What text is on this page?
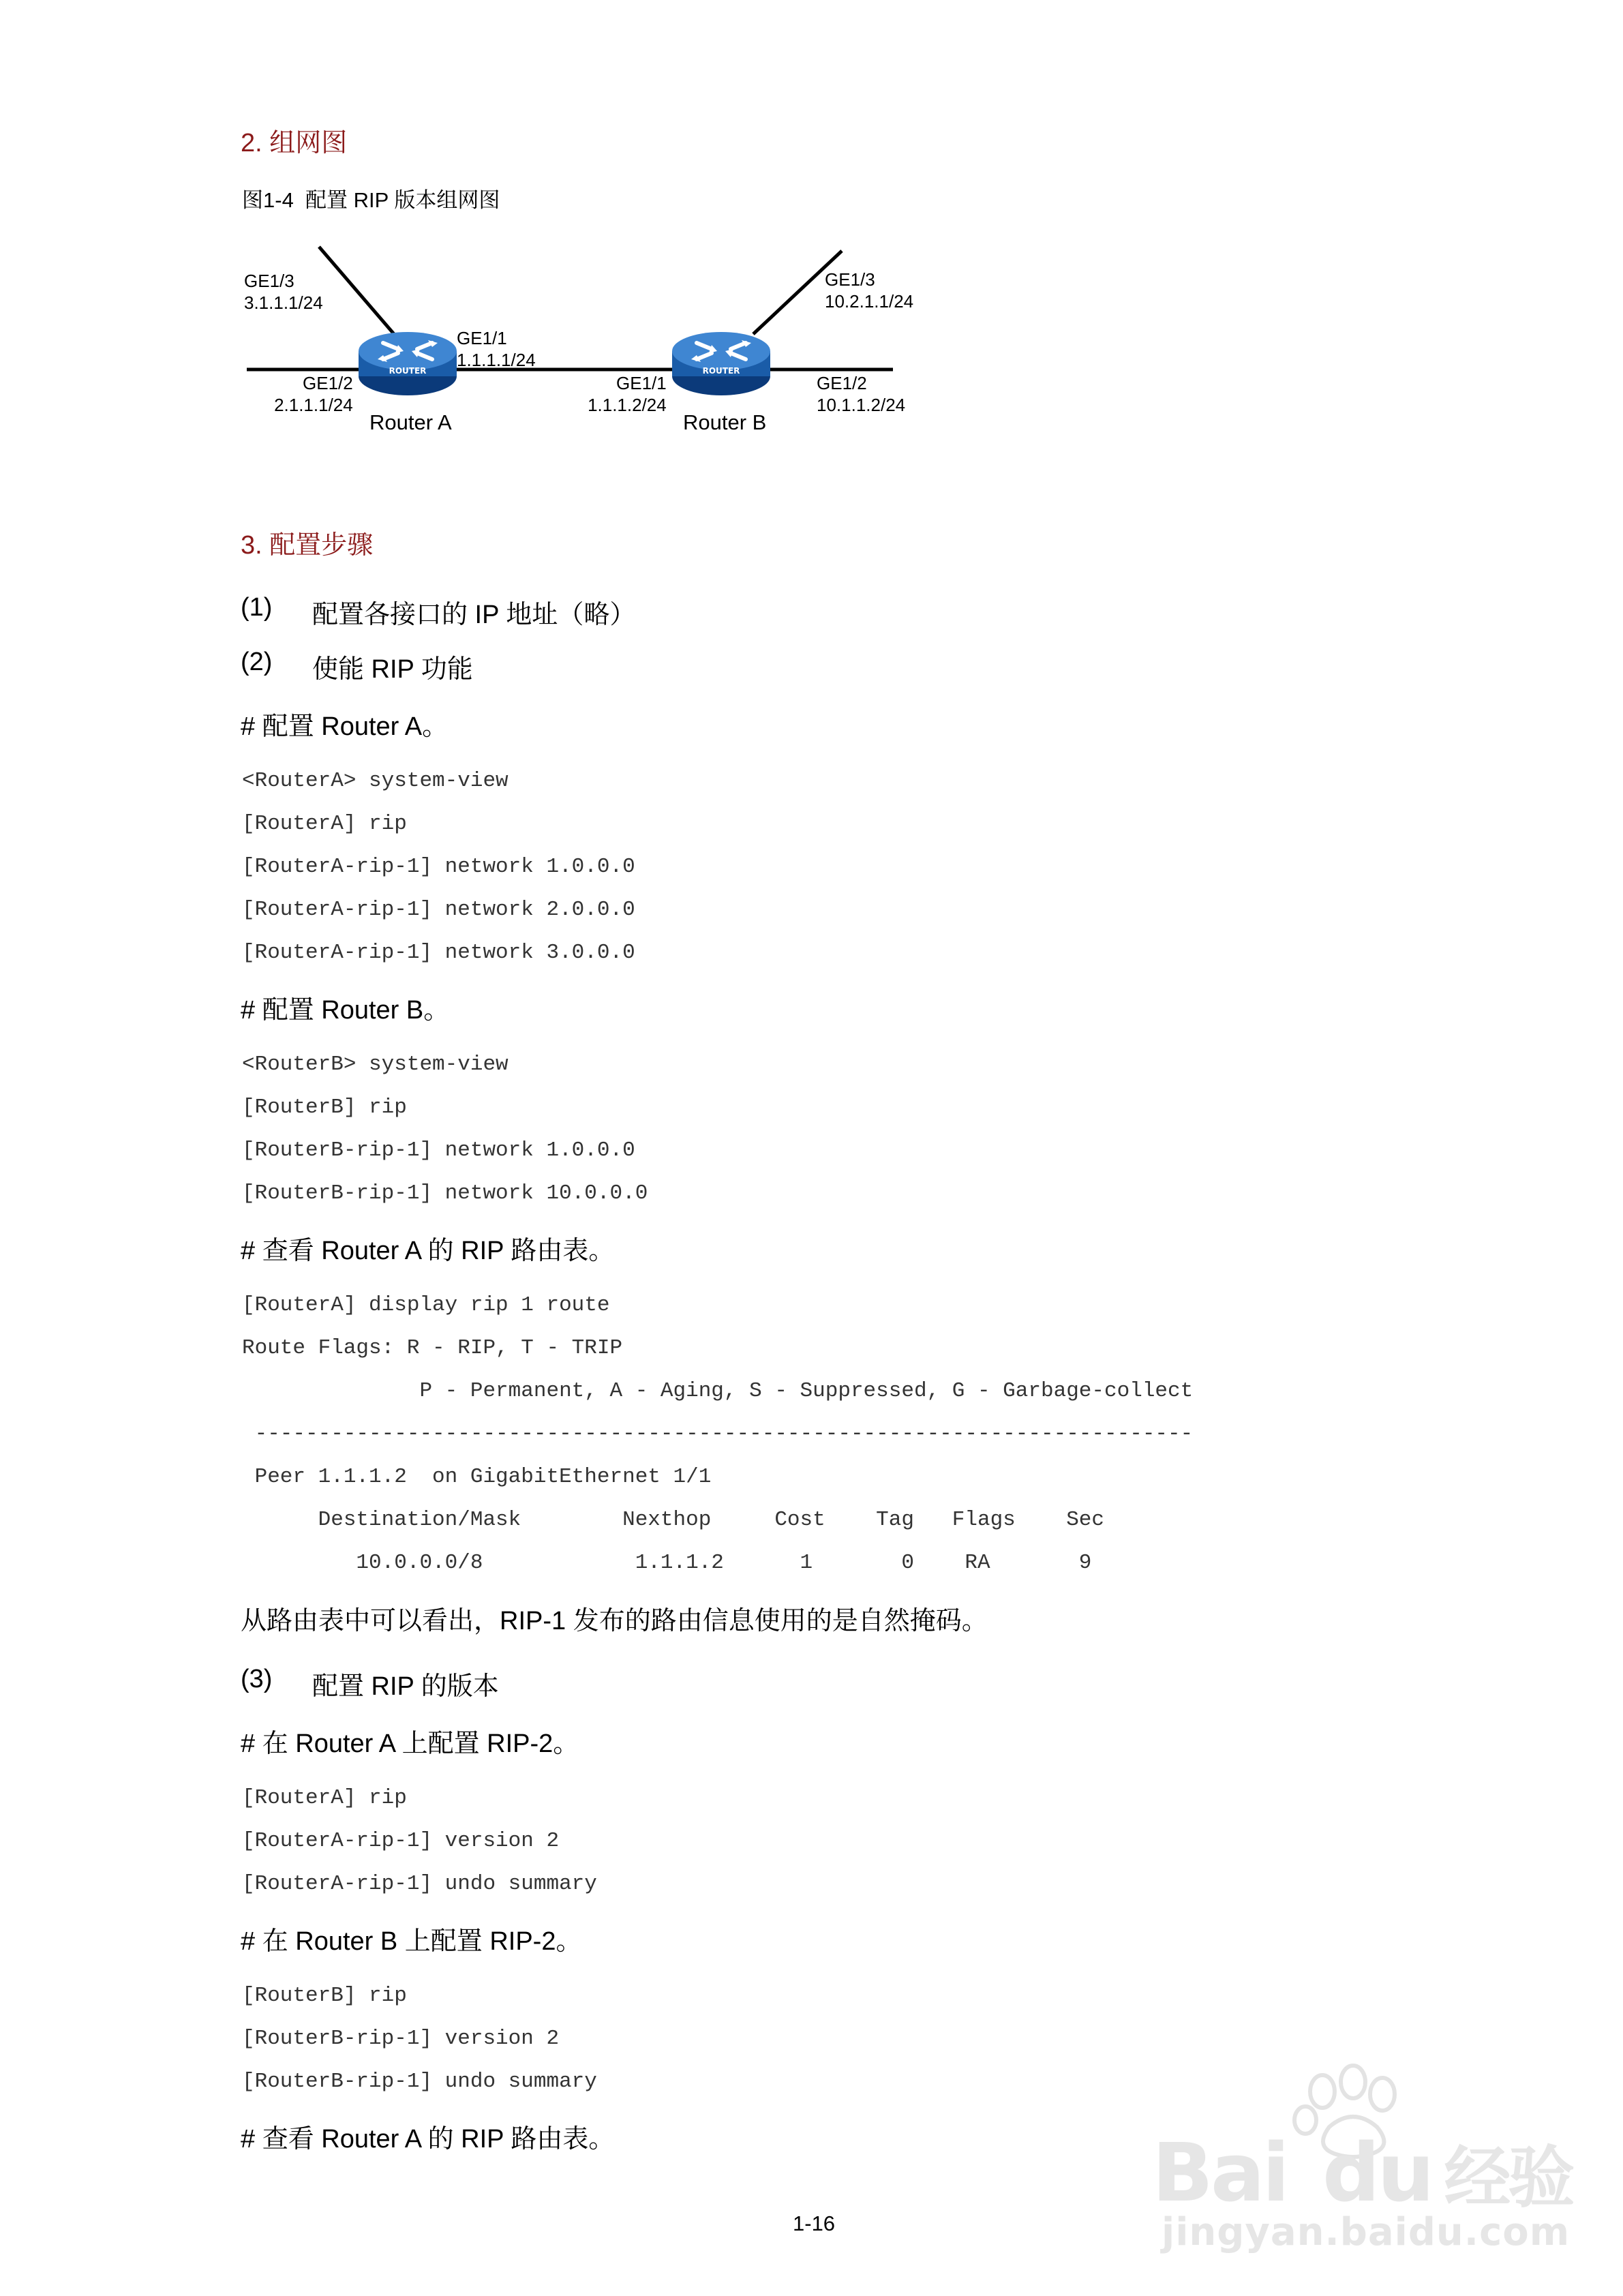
2. 组网图
图1-4  配置 RIP 版本组网图
ROUTER	ROUTER
GE1/3
3.1.1.1/24
GE1/1
1.1.1.1/24
GE1/2
2.1.1.1/24
Router A
GE1/1
1.1.1.2/24
GE1/3
10.2.1.1/24
GE1/2
10.1.1.2/24
Router B
3. 配置步骤
(1) 配置各接口的 IP 地址（略）
(2) 使能 RIP 功能
# 配置 Router A。
<RouterA> system-view
[RouterA] rip
[RouterA-rip-1] network 1.0.0.0
[RouterA-rip-1] network 2.0.0.0
[RouterA-rip-1] network 3.0.0.0
# 配置 Router B。
<RouterB> system-view
[RouterB] rip
[RouterB-rip-1] network 1.0.0.0
[RouterB-rip-1] network 10.0.0.0
# 查看 Router A 的 RIP 路由表。
[RouterA] display rip 1 route
Route Flags: R - RIP, T - TRIP
P - Permanent, A - Aging, S - Suppressed, G - Garbage-collect
--------------------------------------------------------------------------
Peer 1.1.1.2  on GigabitEthernet 1/1
Destination/Mask        Nexthop     Cost    Tag   Flags    Sec
10.0.0.0/8            1.1.1.2      1       0    RA       9
从路由表中可以看出，RIP-1 发布的路由信息使用的是自然掩码。
(3) 配置 RIP 的版本
# 在 Router A 上配置 RIP-2。
[RouterA] rip
[RouterA-rip-1] version 2
[RouterA-rip-1] undo summary
# 在 Router B 上配置 RIP-2。
[RouterB] rip
[RouterB-rip-1] version 2
[RouterB-rip-1] undo summary
# 查看 Router A 的 RIP 路由表。
1-16
Bai du 经验
jingyan.baidu.com
